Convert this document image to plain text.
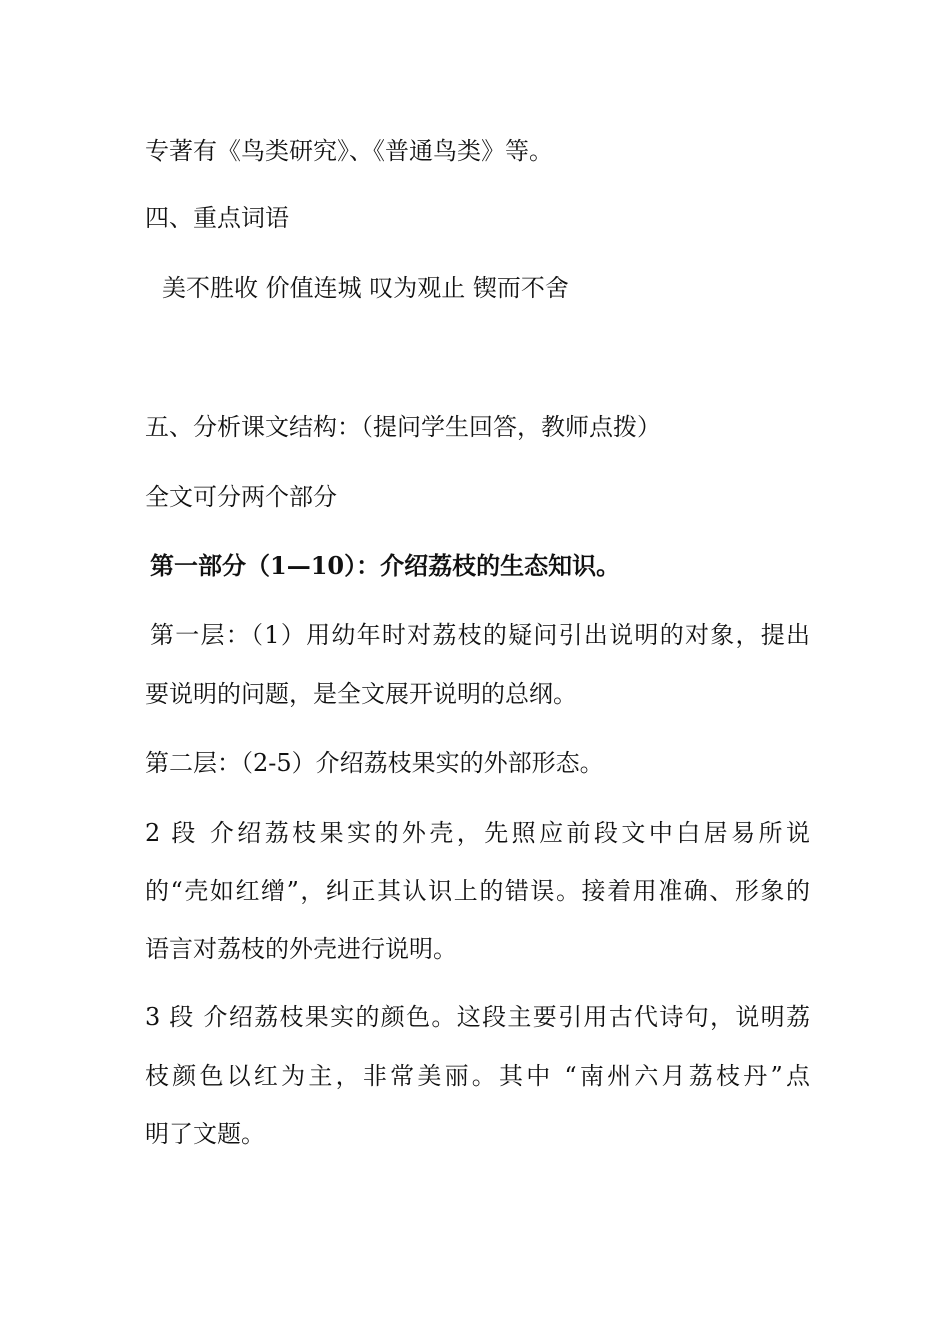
专著有《鸟类研究》、《普通鸟类》等。
四、重点词语
美不胜收 价值连城 叹为观止 锲而不舍
五、分析课文结构：（提问学生回答，教师点拨）
全文可分两个部分
第一部分（1—10）：介绍荔枝的生态知识。
第一层：（1）用幼年时对荔枝的疑问引出说明的对象，提出
要说明的问题，是全文展开说明的总纲。
第二层：（2-5）介绍荔枝果实的外部形态。
2 段 介绍荔枝果实的外壳，先照应前段文中白居易所说
的“壳如红缯”，纠正其认识上的错误。接着用准确、形象的
语言对荔枝的外壳进行说明。
3 段 介绍荔枝果实的颜色。这段主要引用古代诗句，说明荔
枝颜色以红为主，非常美丽。其中 “南州六月荔枝丹”点
明了文题。
